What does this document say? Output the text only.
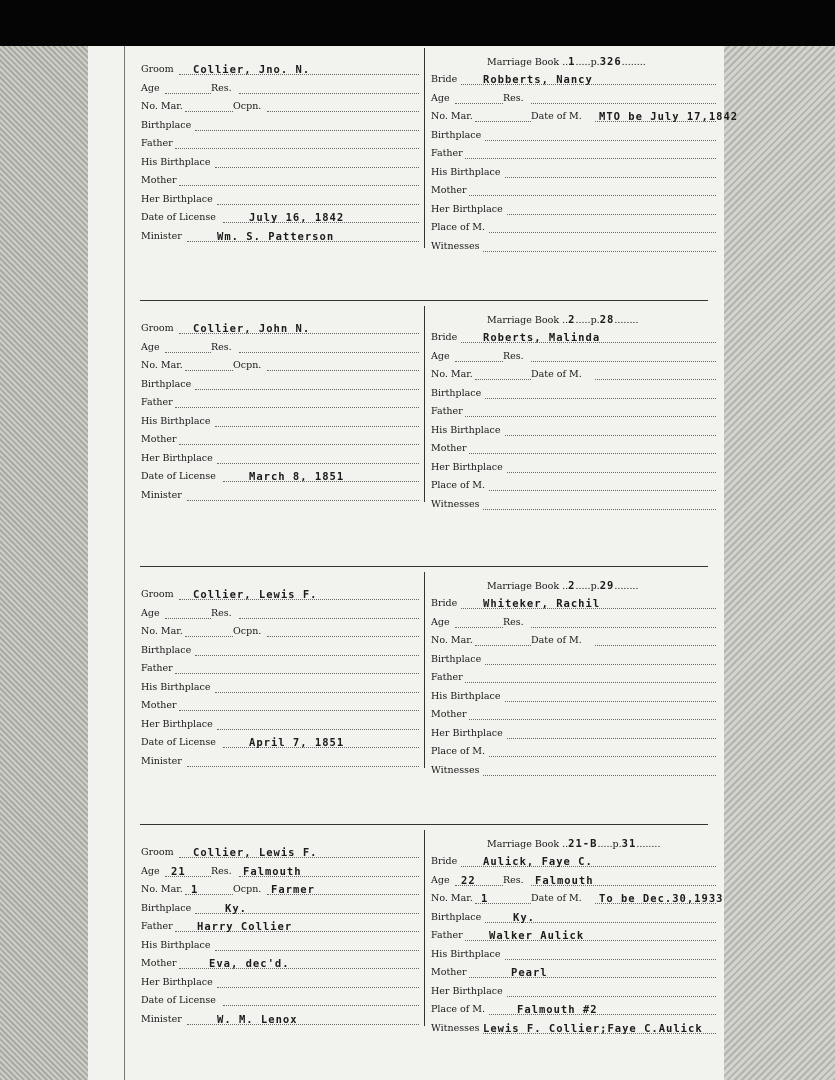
Groom Collier, Jno. N.
Age	Res.
No. Mar.	Ocpn.
Birthplace
Father
His Birthplace
Mother
Her Birthplace
Date of License	July 16, 1842
Minister	Wm. S. Patterson
Marriage Book ..1.....p.326........
Bride Robberts, Nancy
Age	Res.
No. Mar.	Date of M. MTO be July 17,1842
Birthplace
Father
His Birthplace
Mother
Her Birthplace
Place of M.
Witnesses
Groom Collier, John N.
Age	Res.
No. Mar.	Ocpn.
Birthplace
Father
His Birthplace
Mother
Her Birthplace
Date of License	March 8, 1851
Minister
Marriage Book ..2.....p.28........
Bride Roberts, Malinda
Age	Res.
No. Mar.	Date of M.
Birthplace
Father
His Birthplace
Mother
Her Birthplace
Place of M.
Witnesses
Groom Collier, Lewis F.
Age	Res.
No. Mar.	Ocpn.
Birthplace
Father
His Birthplace
Mother
Her Birthplace
Date of License	April 7, 1851
Minister
Marriage Book ..2.....p.29........
Bride Whiteker, Rachil
Age	Res.
No. Mar.	Date of M.
Birthplace
Father
His Birthplace
Mother
Her Birthplace
Place of M.
Witnesses
Groom Collier, Lewis F.
Age 21	Res. Falmouth
No. Mar. 1	Ocpn. Farmer
Birthplace	Ky.
Father Harry Collier
His Birthplace
Mother	Eva, dec'd.
Her Birthplace
Date of License
Minister	W. M. Lenox
Marriage Book ..21-B.....p.31........
Bride Aulick, Faye C.
Age 22	Res. Falmouth
No. Mar. 1	Date of M. To be Dec.30,1933
Birthplace	Ky.
Father	Walker Aulick
His Birthplace
Mother	Pearl
Her Birthplace
Place of M.	Falmouth #2
Witnesses Lewis F. Collier;Faye C.Aulick
